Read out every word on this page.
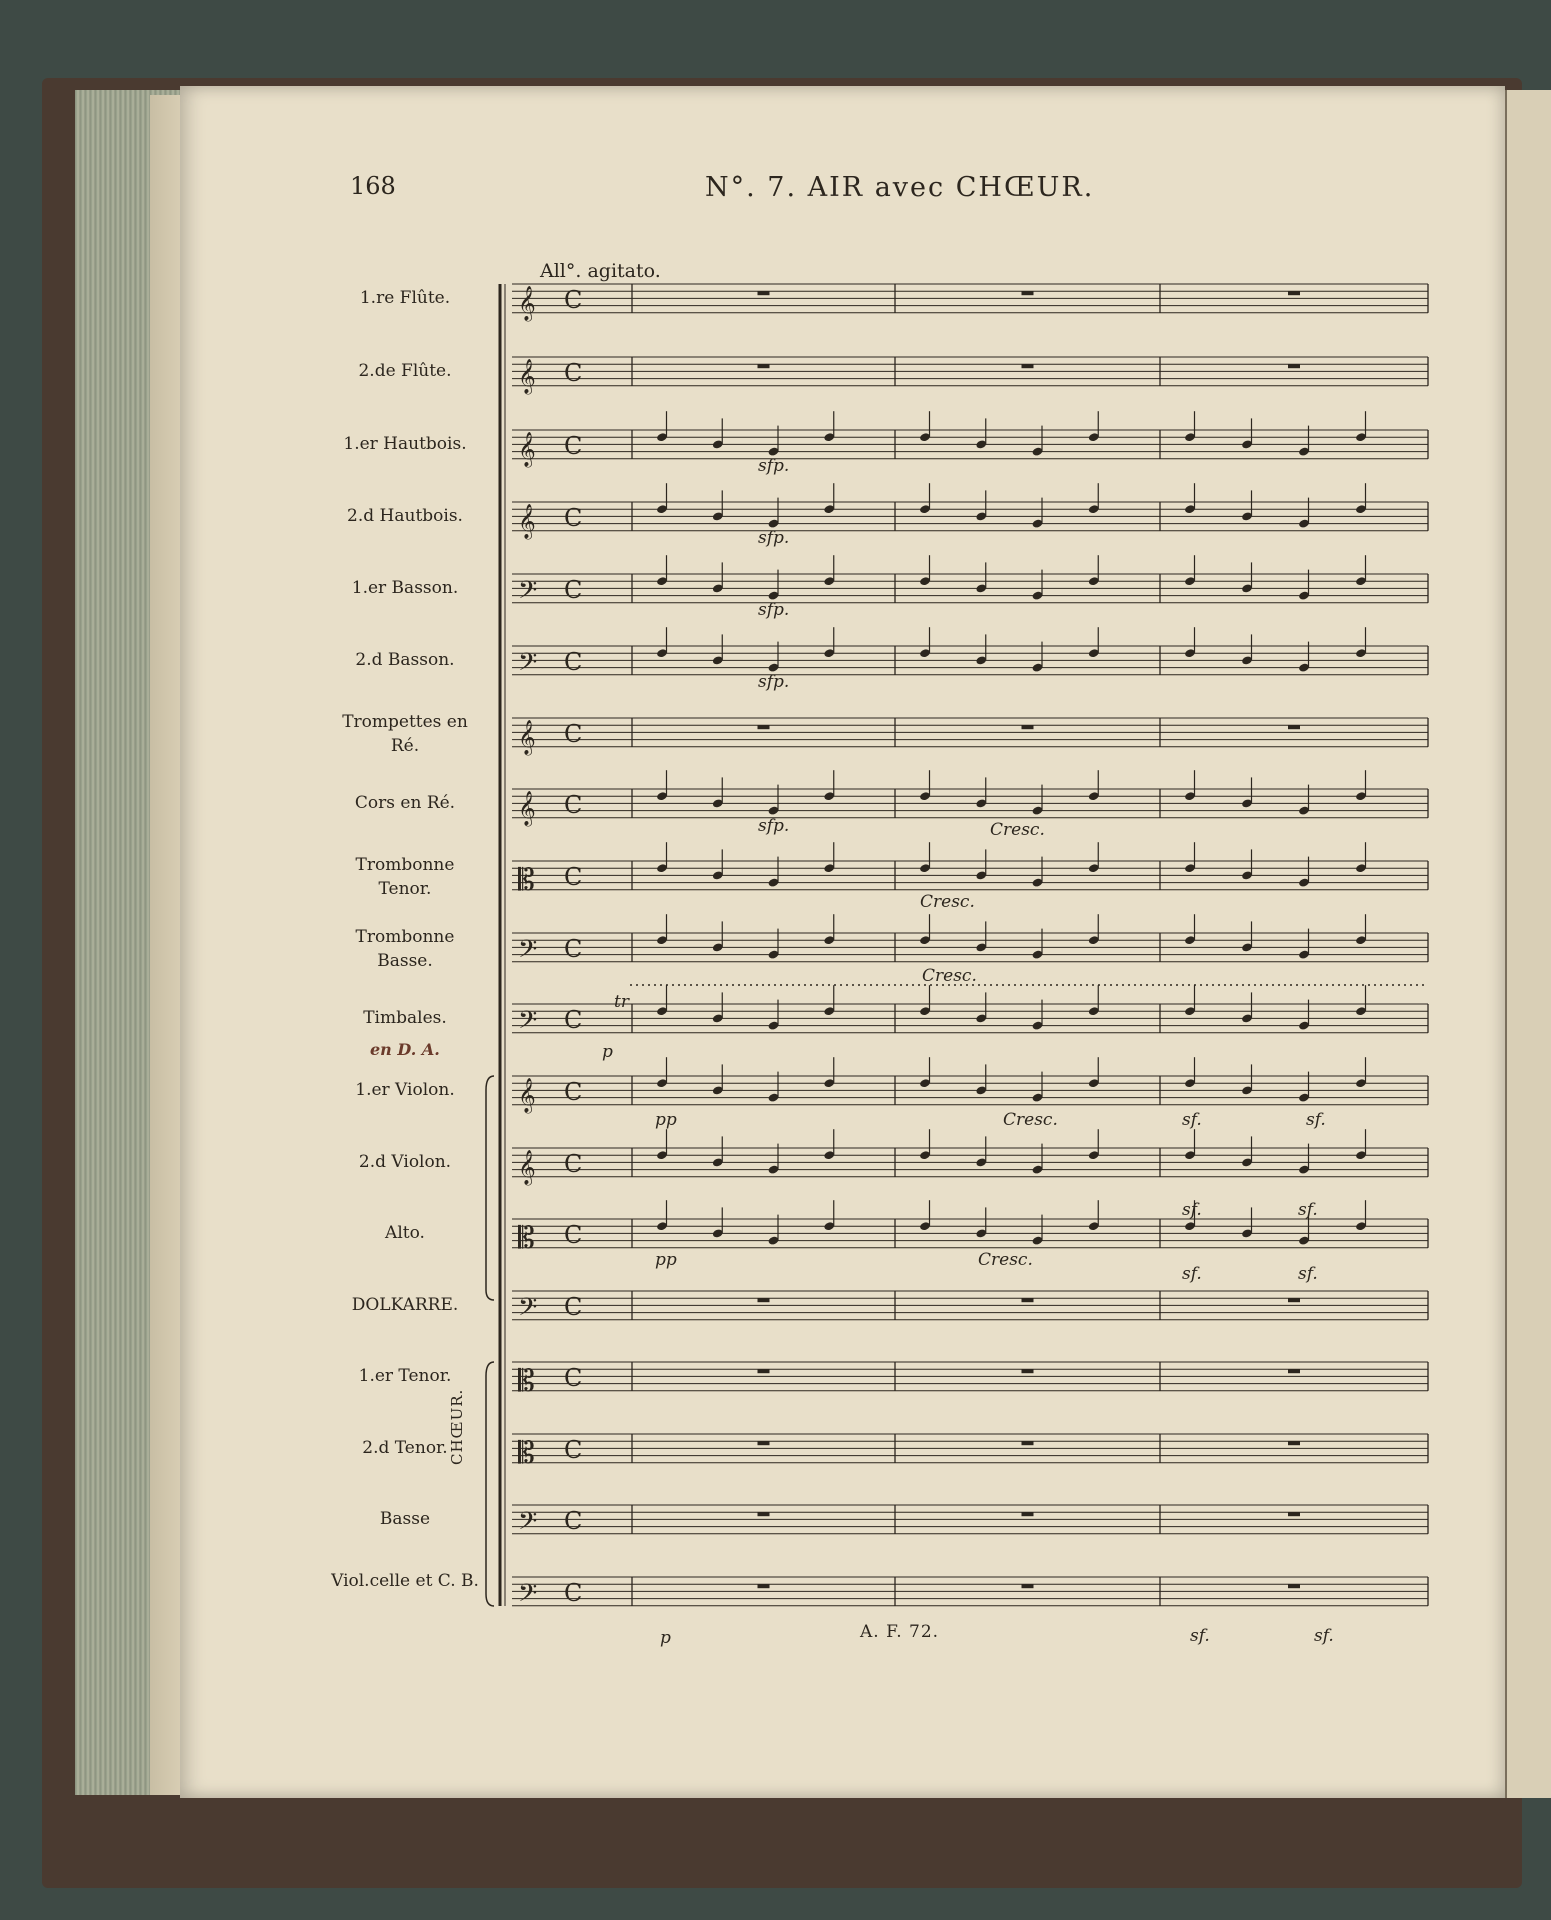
𝄞 C
𝄞 C
𝄞 C
𝄞 C
𝄢 C
𝄢 C
𝄞 C
𝄞 C
𝄡 C
𝄢 C
𝄢 C
𝄞 C
𝄞 C
𝄡 C
𝄢 C
𝄡 C
𝄡 C
𝄢 C
𝄢 C
168	N°. 7. AIR avec CHŒUR.
All°. agitato.
A. F. 72.
en D. A.
CHŒUR.
1.re Flûte.
2.de Flûte.
1.er Hautbois.
2.d Hautbois.
1.er Basson.
2.d Basson.
Trompettes en Ré.
Cors en Ré.
Trombonne Tenor.
Trombonne Basse.
Timbales.
1.er Violon.
2.d Violon.
Alto.
DOLKARRE.
1.er Tenor.
2.d Tenor.
Basse
Viol.celle et C. B.
sfp.
sfp.
sfp.
sfp.
sfp.	Cresc.
Cresc.
Cresc.
Cresc.
Cresc.
pp
pp
p
p
tr
sf.	sf.
sf.	sf.
sf.	sf.
sf.	sf.
